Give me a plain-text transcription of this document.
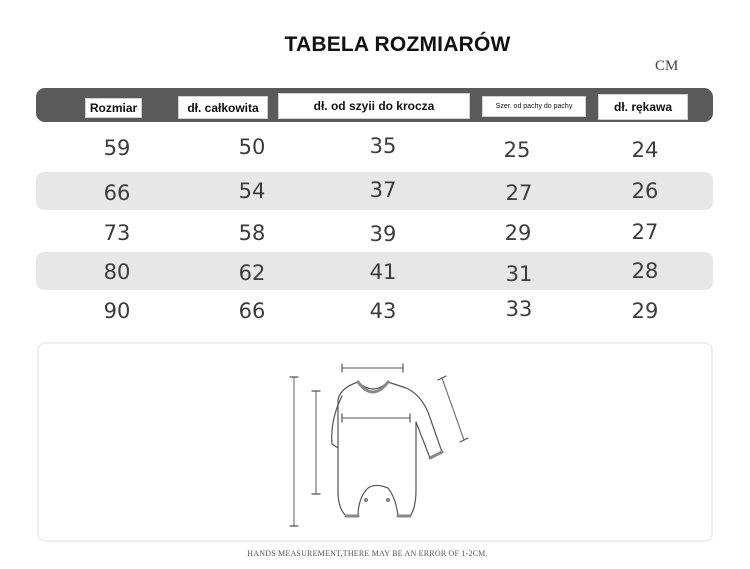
TABELA ROZMIARÓW
CM
Rozmiar	dł. całkowita	dł. od szyii do krocza	Szer. od pachy do pachy	dł. rękawa
59	50	35	25	24
66	54	37	27	26
73	58	39	29	27
80	62	41	31	28
90	66	43	33	29
HANDS MEASUREMENT,THERE MAY BE AN ERROR OF 1-2CM.
